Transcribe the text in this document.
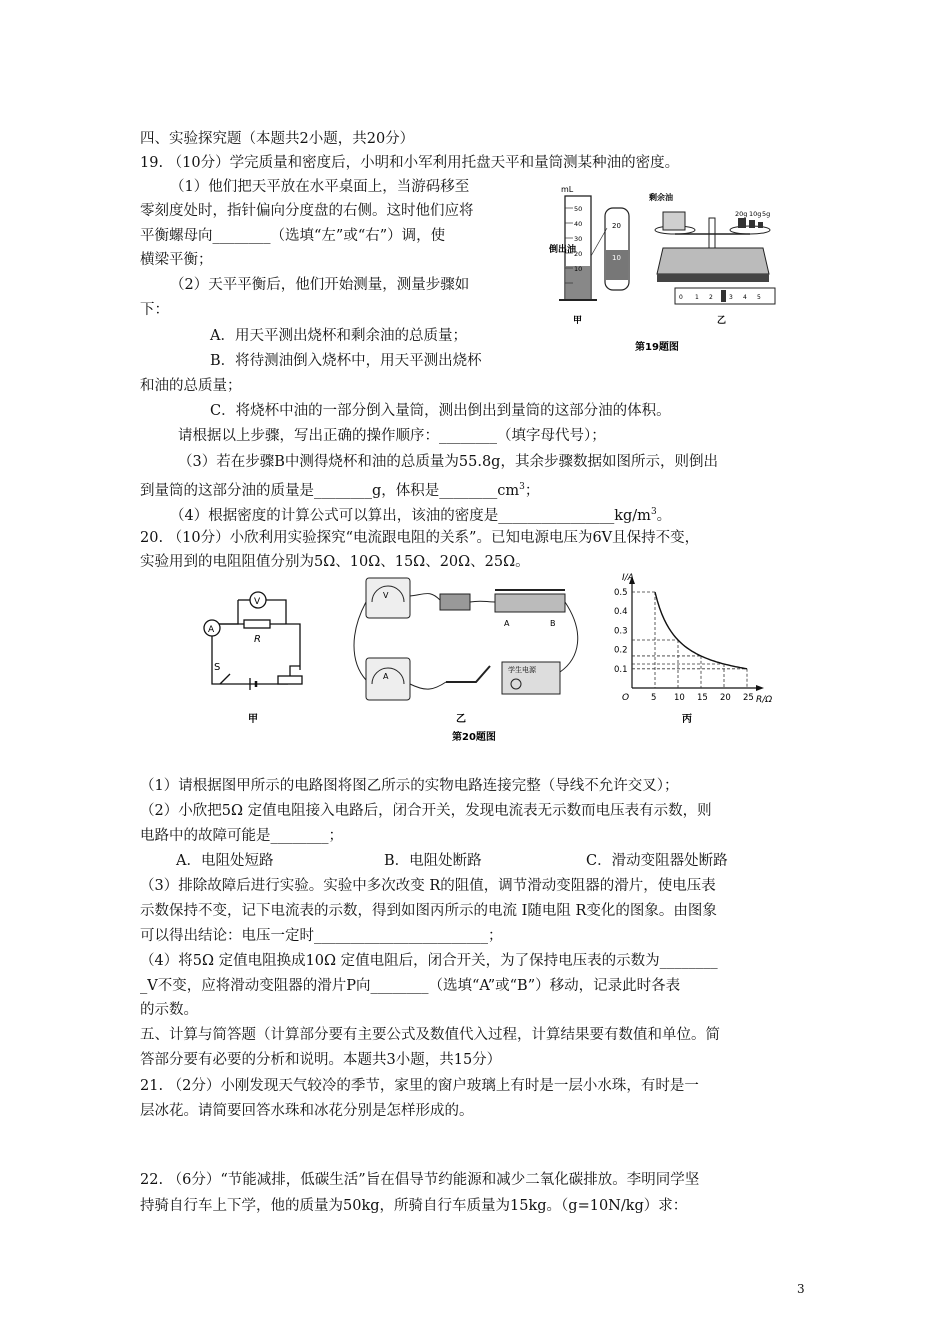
四、实验探究题（本题共2小题，共20分）
19. （10分）学完质量和密度后，小明和小军利用托盘天平和量筒测某种油的密度。
（1）他们把天平放在水平桌面上，当游码移至
零刻度处时，指针偏向分度盘的右侧。这时他们应将
平衡螺母向________（选填“左”或“右”）调，使
横梁平衡；
（2）天平平衡后，他们开始测量，测量步骤如
下：
A．用天平测出烧杯和剩余油的总质量；
B．将待测油倒入烧杯中，用天平测出烧杯
和油的总质量；
C．将烧杯中油的一部分倒入量筒，测出倒出到量筒的这部分油的体积。
请根据以上步骤，写出正确的操作顺序：________（填字母代号）；
（3）若在步骤B中测得烧杯和油的总质量为55.8g，其余步骤数据如图所示，则倒出
到量筒的这部分油的质量是________g，体积是$\_\_\_\_\_\_\_\_cm^3$；
（4）根据密度的计算公式可以算出，该油的密度是$\_\_\_\_\_\_\_\_\_\_\_\_\_\_\_\_kg/m^3$。
mL
50
40
30
20
10
倒出油
20
10
甲
剩余油
20g 10g 5g
0 1 2	3 4 5
乙
第19题图
20. （10分）小欣利用实验探究“电流跟电阻的关系”。已知电源电压为6V且保持不变，
实验用到的电阻阻值分别为5Ω、10Ω、15Ω、20Ω、25Ω。
V
A
R
S
甲
V
A
A	B
学生电源
乙
5 10 15 20 25
0.1
0.2
0.3
0.4
0.5
I/A
R/Ω
O
丙
第20题图
（1）请根据图甲所示的电路图将图乙所示的实物电路连接完整（导线不允许交叉）；
（2）小欣把5Ω 定值电阻接入电路后，闭合开关，发现电流表无示数而电压表有示数，则
电路中的故障可能是________；
A．电阻处短路	B．电阻处断路	C．滑动变阻器处断路
（3）排除故障后进行实验。实验中多次改变 R的阻值，调节滑动变阻器的滑片，使电压表
示数保持不变，记下电流表的示数，得到如图丙所示的电流 I随电阻 R变化的图象。由图象
可以得出结论：电压一定时________________________；
（4）将5Ω 定值电阻换成10Ω 定值电阻后，闭合开关，为了保持电压表的示数为________
_V不变，应将滑动变阻器的滑片P向________（选填“A”或“B”）移动，记录此时各表
的示数。
五、计算与简答题（计算部分要有主要公式及数值代入过程，计算结果要有数值和单位。简
答部分要有必要的分析和说明。本题共3小题，共15分）
21. （2分）小刚发现天气较冷的季节，家里的窗户玻璃上有时是一层小水珠，有时是一
层冰花。请简要回答水珠和冰花分别是怎样形成的。
22. （6分）“节能减排，低碳生活”旨在倡导节约能源和减少二氧化碳排放。李明同学坚
持骑自行车上下学，他的质量为50kg，所骑自行车质量为15kg。（g=10N/kg）求：
3
